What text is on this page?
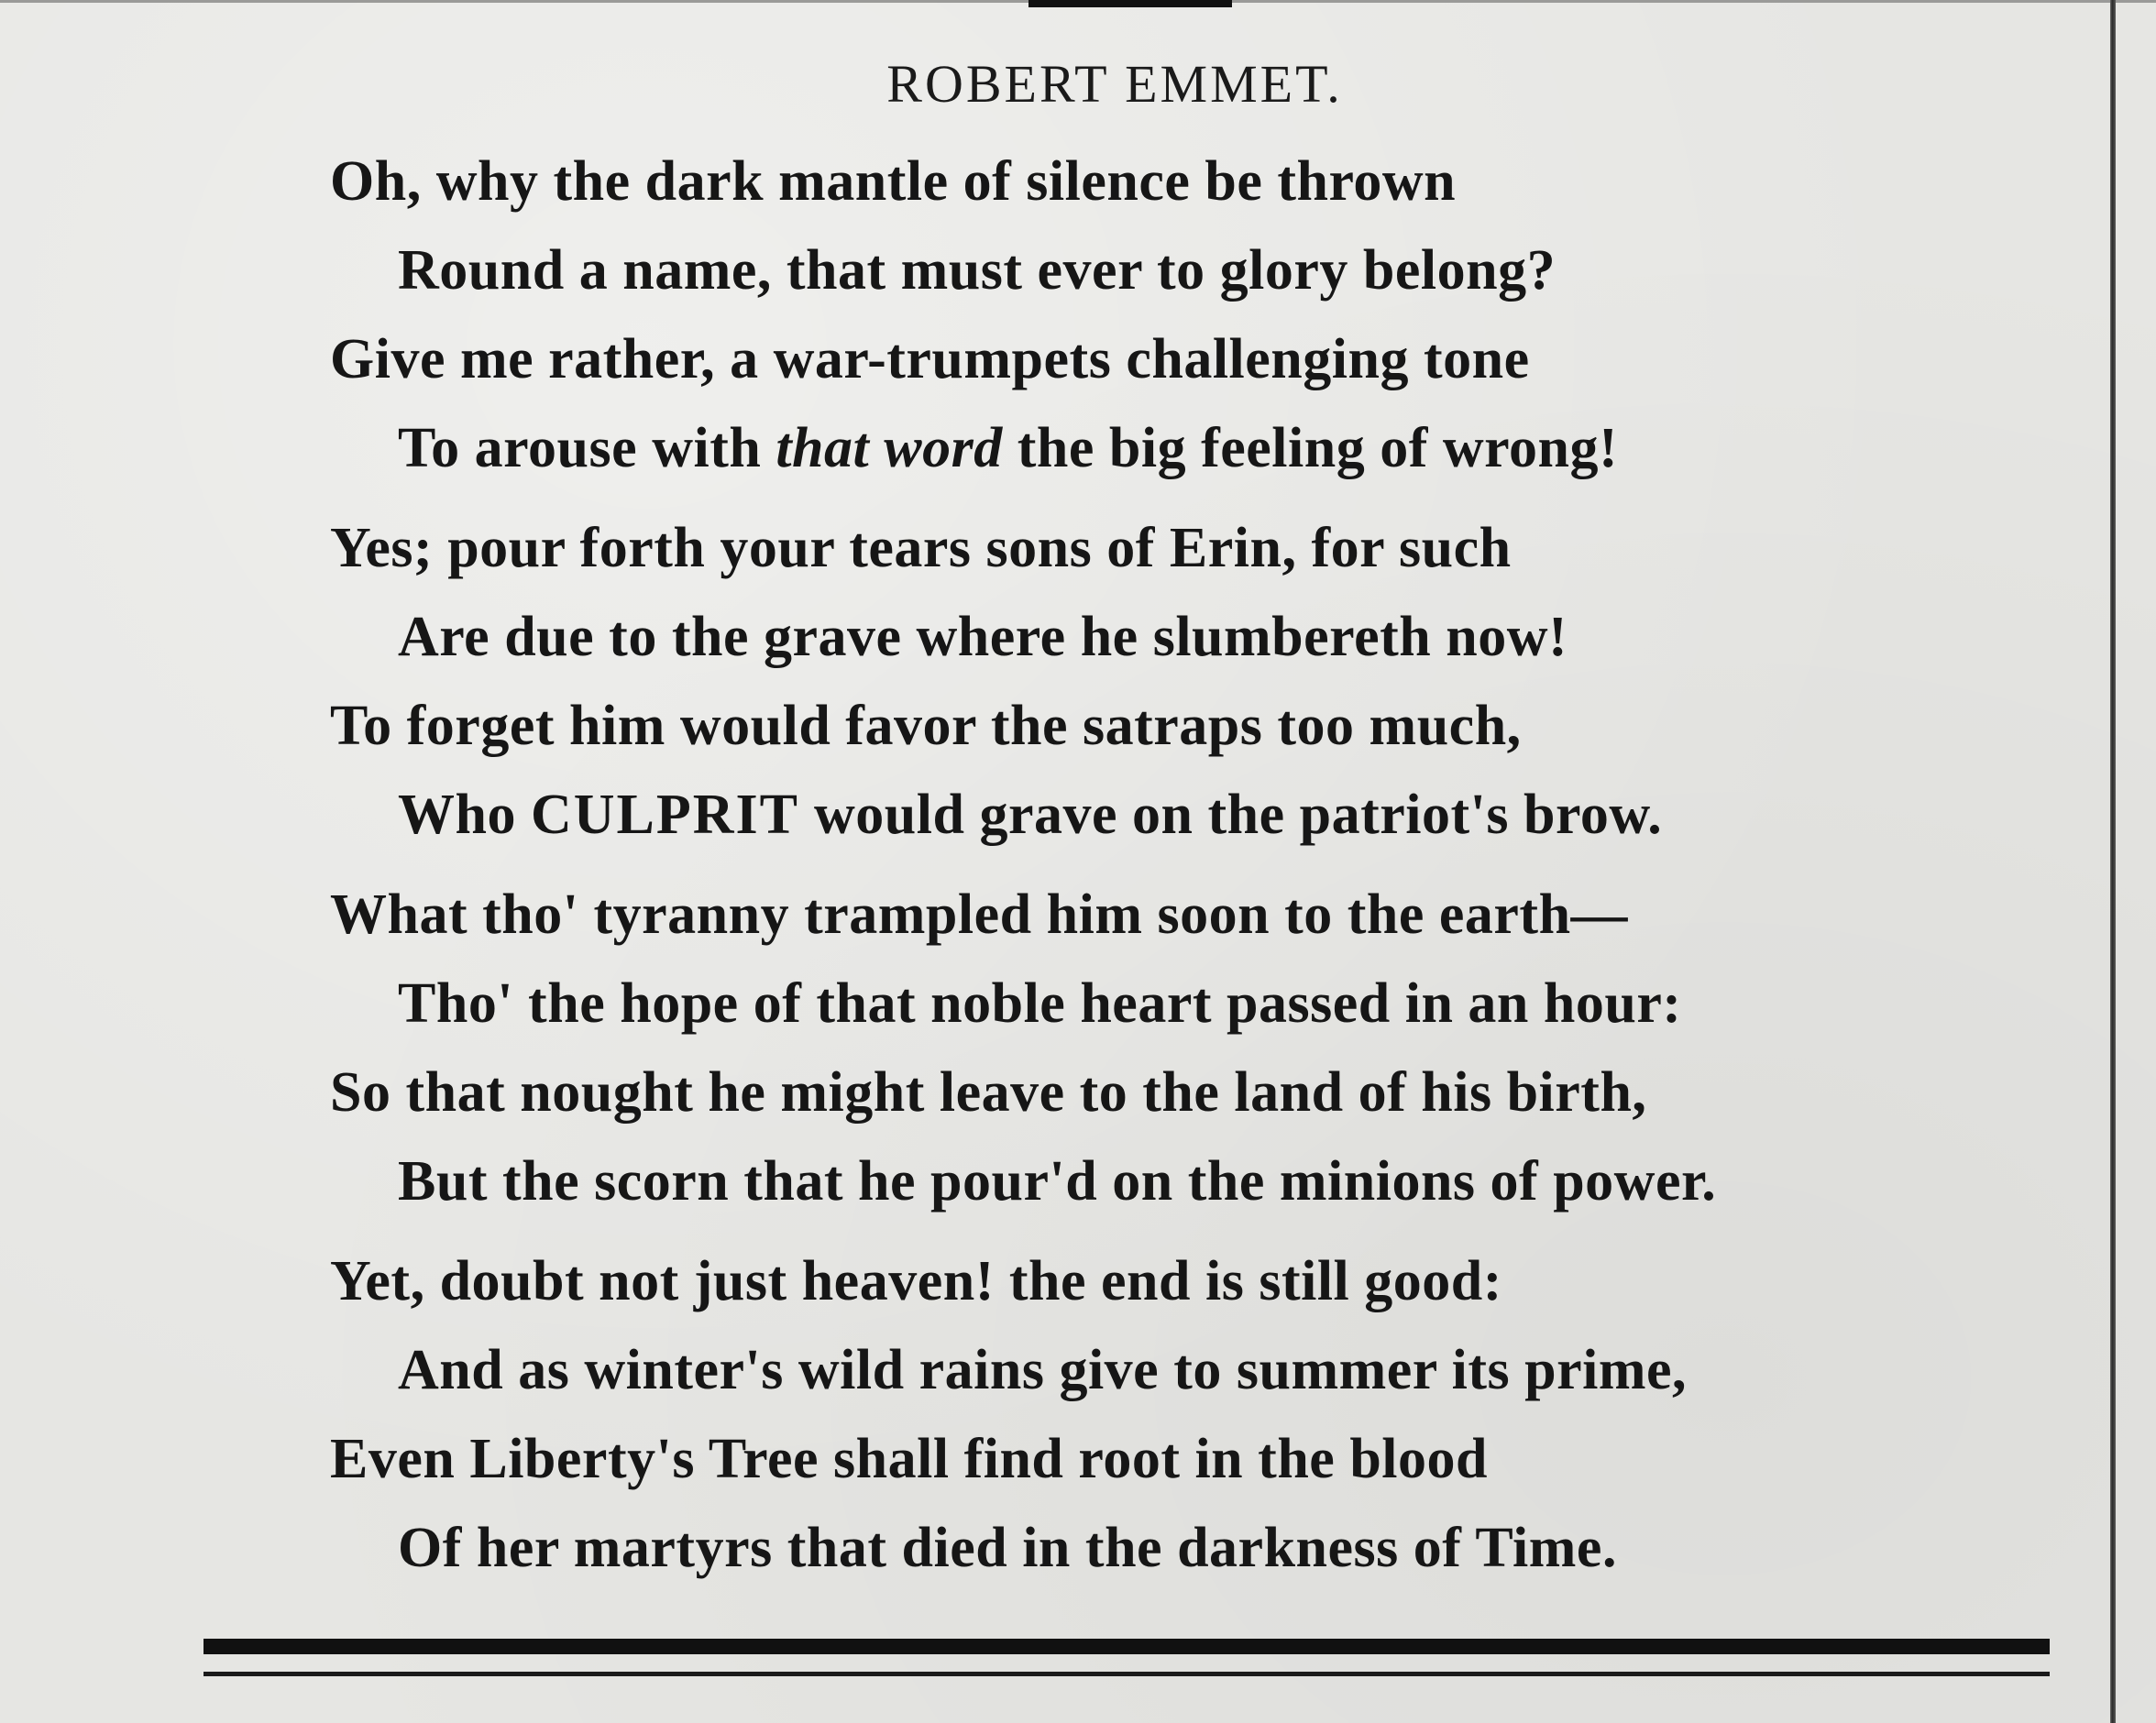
ROBERT EMMET.
Oh, why the dark mantle of silence be thrown
Round a name, that must ever to glory belong?
Give me rather, a war-trumpets challenging tone
To arouse with that word the big feeling of wrong!
Yes; pour forth your tears sons of Erin, for such
Are due to the grave where he slumbereth now!
To forget him would favor the satraps too much,
Who CULPRIT would grave on the patriot's brow.
What tho' tyranny trampled him soon to the earth—
Tho' the hope of that noble heart passed in an hour:
So that nought he might leave to the land of his birth,
But the scorn that he pour'd on the minions of power.
Yet, doubt not just heaven! the end is still good:
And as winter's wild rains give to summer its prime,
Even Liberty's Tree shall find root in the blood
Of her martyrs that died in the darkness of Time.
